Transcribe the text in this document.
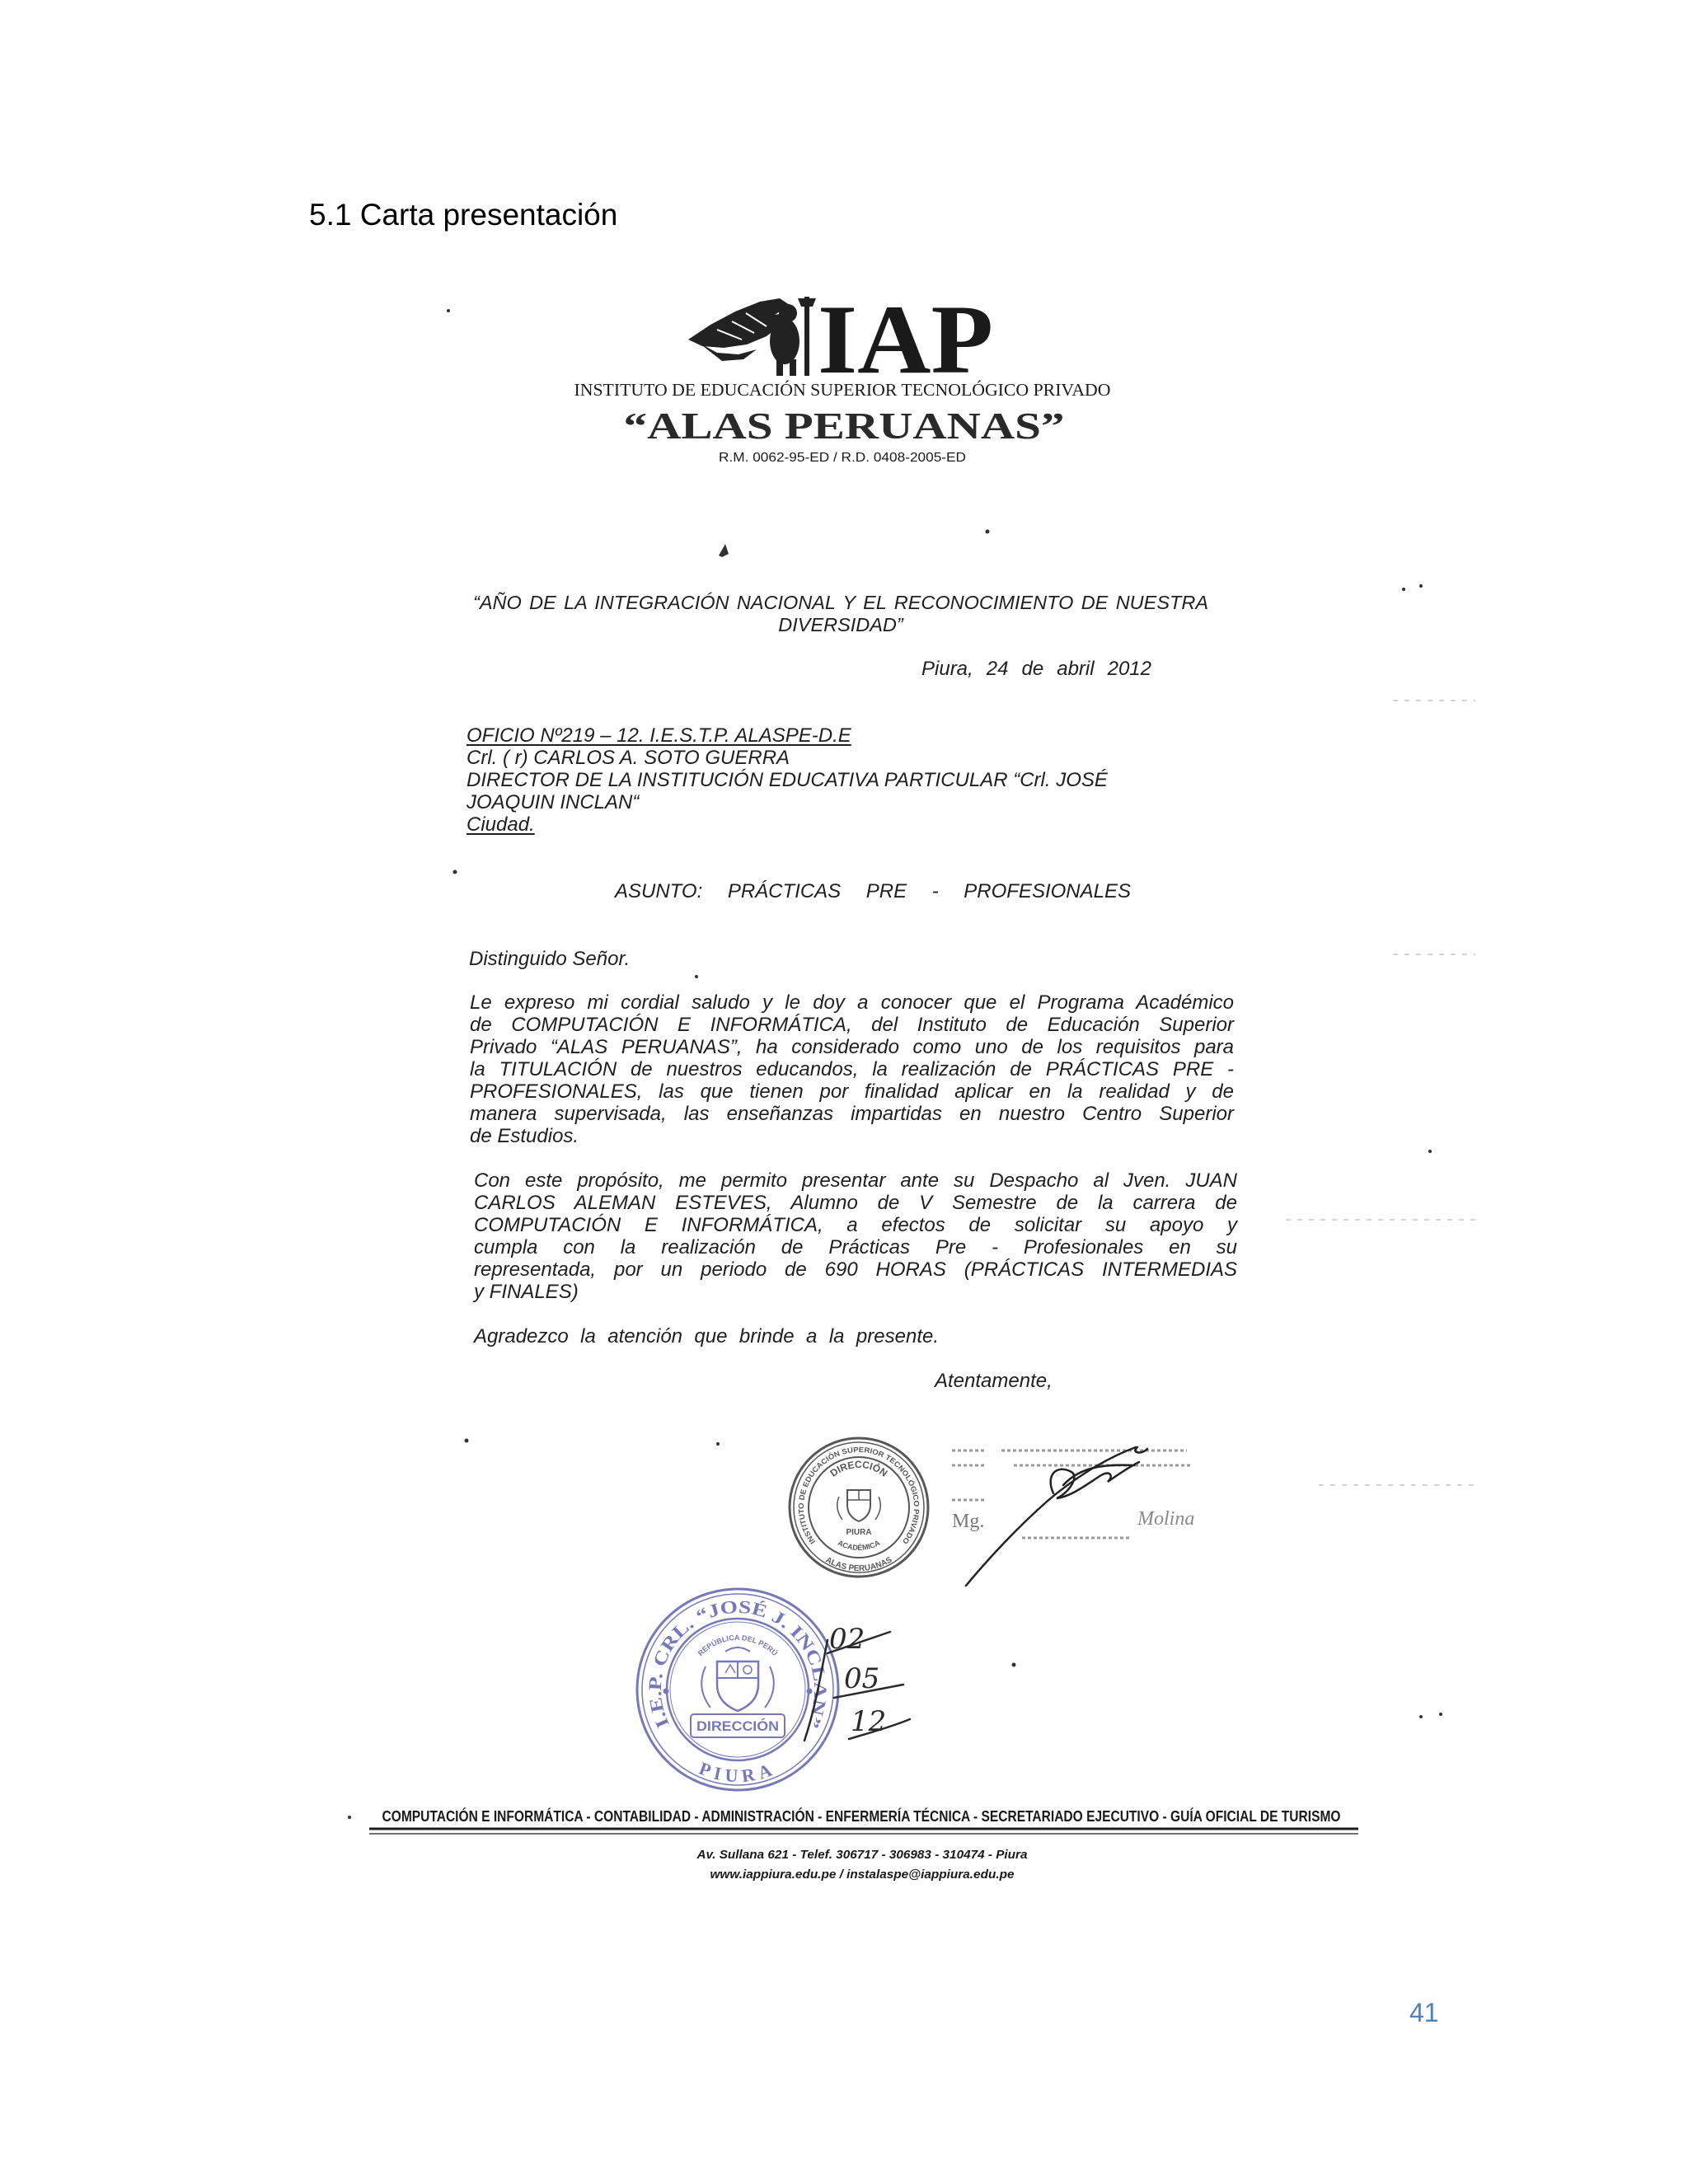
5.1 Carta presentación
IAP
INSTITUTO DE EDUCACIÓN SUPERIOR TECNOLÓGICO PRIVADO
“ALAS PERUANAS”
R.M. 0062-95-ED / R.D. 0408-2005-ED
INSTITUTO DE EDUCACIÓN SUPERIOR TECNOLÓGICO PRIVADO
ALAS PERUANAS
DIRECCIÓN
ACADÉMICA
PIURA
Mg.	Molina
I.E.P. CRL. “JOSÉ J. INCLAN”
PIURA
REPÚBLICA DEL PERÚ
DIRECCIÓN
02
05
12
COMPUTACIÓN E INFORMÁTICA - CONTABILIDAD - ADMINISTRACIÓN - ENFERMERÍA TÉCNICA - SECRETARIADO EJECUTIVO - GUÍA OFICIAL DE TURISMO
Av. Sullana 621 - Telef. 306717 - 306983 - 310474 - Piura
www.iappiura.edu.pe / instalaspe@iappiura.edu.pe
“AÑO DE LA INTEGRACIÓN NACIONAL Y EL RECONOCIMIENTO DE NUESTRA
DIVERSIDAD”
Piura, 24 de abril 2012
OFICIO Nº219 – 12. I.E.S.T.P. ALASPE-D.E
Crl. ( r) CARLOS A. SOTO GUERRA
DIRECTOR DE LA INSTITUCIÓN EDUCATIVA PARTICULAR “Crl. JOSÉ
JOAQUIN INCLAN“
Ciudad.
ASUNTO: PRÁCTICAS PRE - PROFESIONALES
Distinguido Señor.
Le expreso mi cordial saludo y le doy a conocer que el Programa Académico
de COMPUTACIÓN E INFORMÁTICA, del Instituto de Educación Superior
Privado “ALAS PERUANAS”, ha considerado como uno de los requisitos para
la TITULACIÓN de nuestros educandos, la realización de PRÁCTICAS PRE -
PROFESIONALES, las que tienen por finalidad aplicar en la realidad y de
manera supervisada, las enseñanzas impartidas en nuestro Centro Superior
de Estudios.
Con este propósito, me permito presentar ante su Despacho al Jven. JUAN
CARLOS ALEMAN ESTEVES, Alumno de V Semestre de la carrera de
COMPUTACIÓN E INFORMÁTICA, a efectos de solicitar su apoyo y
cumpla con la realización de Prácticas Pre - Profesionales en su
representada, por un periodo de 690 HORAS (PRÁCTICAS INTERMEDIAS
y FINALES)
Agradezco la atención que brinde a la presente.
Atentamente,
41
